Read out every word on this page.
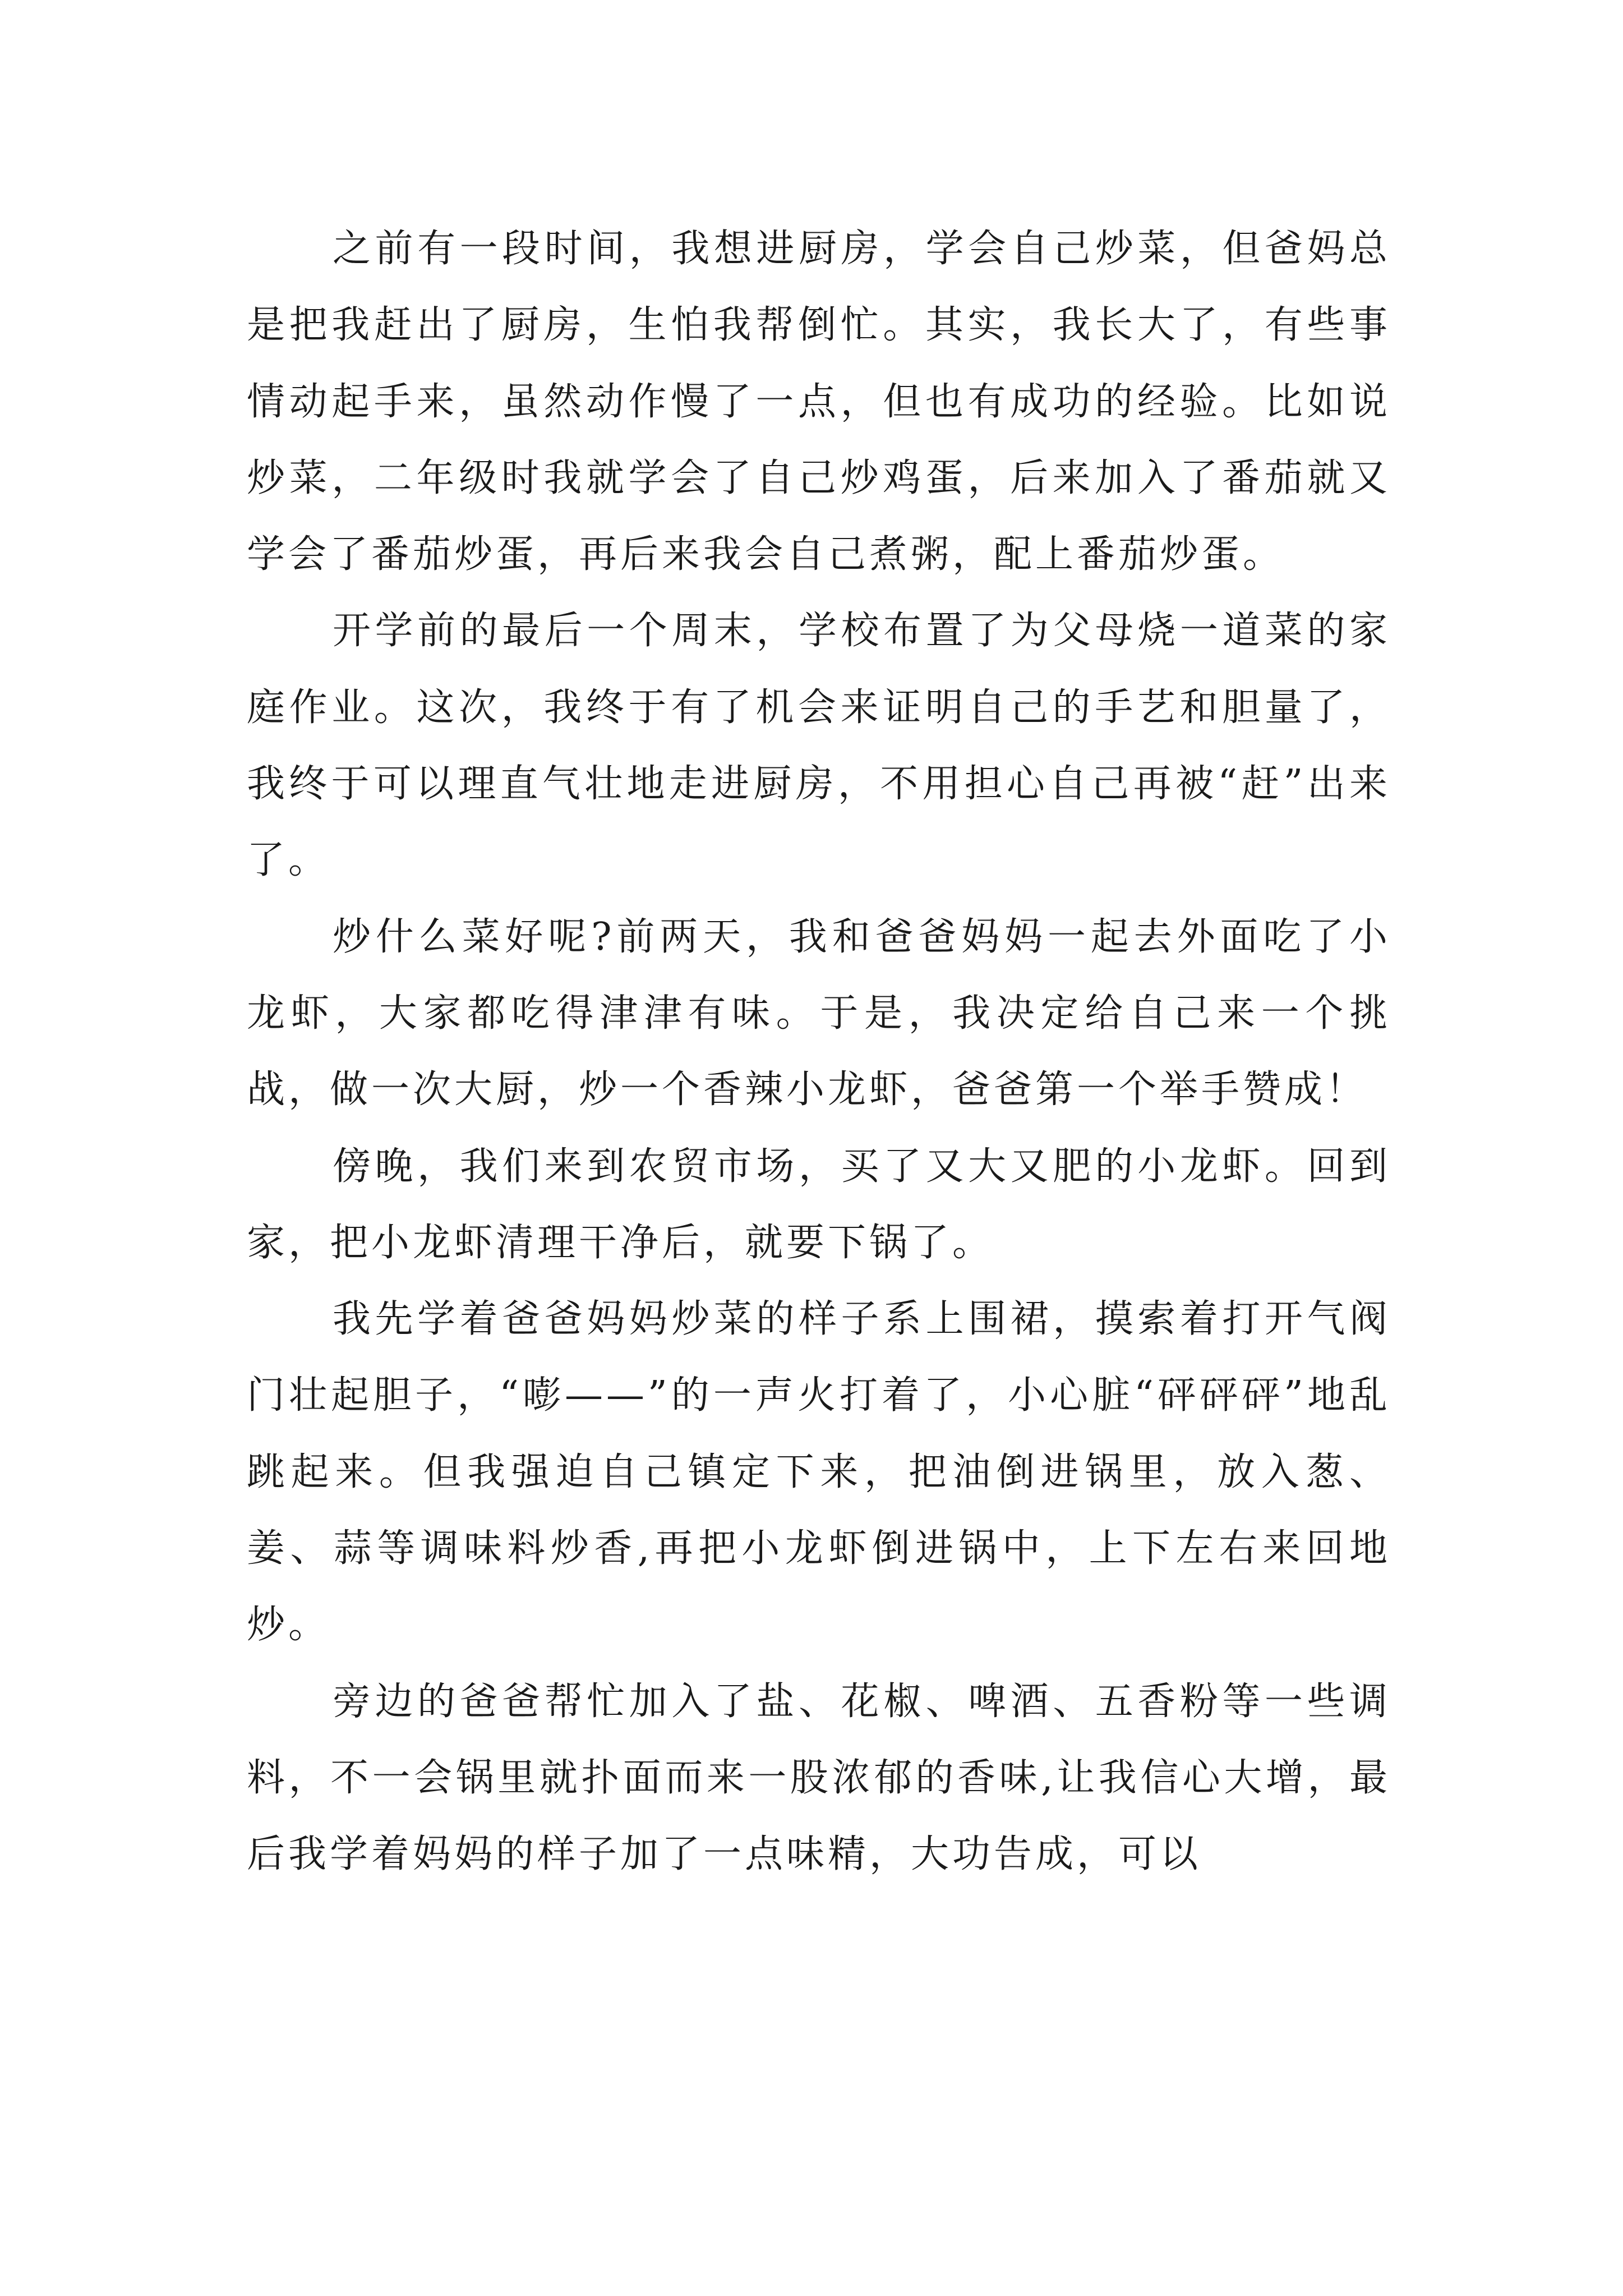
之前有一段时间，我想进厨房，学会自己炒菜，但爸妈总是把我赶出了厨房，生怕我帮倒忙。其实，我长大了，有些事情动起手来，虽然动作慢了一点，但也有成功的经验。比如说炒菜，二年级时我就学会了自己炒鸡蛋，后来加入了番茄就又学会了番茄炒蛋，再后来我会自己煮粥，配上番茄炒蛋。

开学前的最后一个周末，学校布置了为父母烧一道菜的家庭作业。这次，我终于有了机会来证明自己的手艺和胆量了，我终于可以理直气壮地走进厨房，不用担心自己再被“赶”出来了。

炒什么菜好呢?前两天，我和爸爸妈妈一起去外面吃了小龙虾，大家都吃得津津有味。于是，我决定给自己来一个挑战，做一次大厨，炒一个香辣小龙虾，爸爸第一个举手赞成！

傍晚，我们来到农贸市场，买了又大又肥的小龙虾。回到家，把小龙虾清理干净后，就要下锅了。

我先学着爸爸妈妈炒菜的样子系上围裙，摸索着打开气阀门壮起胆子，“嘭——”的一声火打着了，小心脏“砰砰砰”地乱跳起来。但我强迫自己镇定下来，把油倒进锅里，放入葱、姜、蒜等调味料炒香,再把小龙虾倒进锅中，上下左右来回地炒。

旁边的爸爸帮忙加入了盐、花椒、啤酒、五香粉等一些调料，不一会锅里就扑面而来一股浓郁的香味,让我信心大增，最后我学着妈妈的样子加了一点味精，大功告成，可以
